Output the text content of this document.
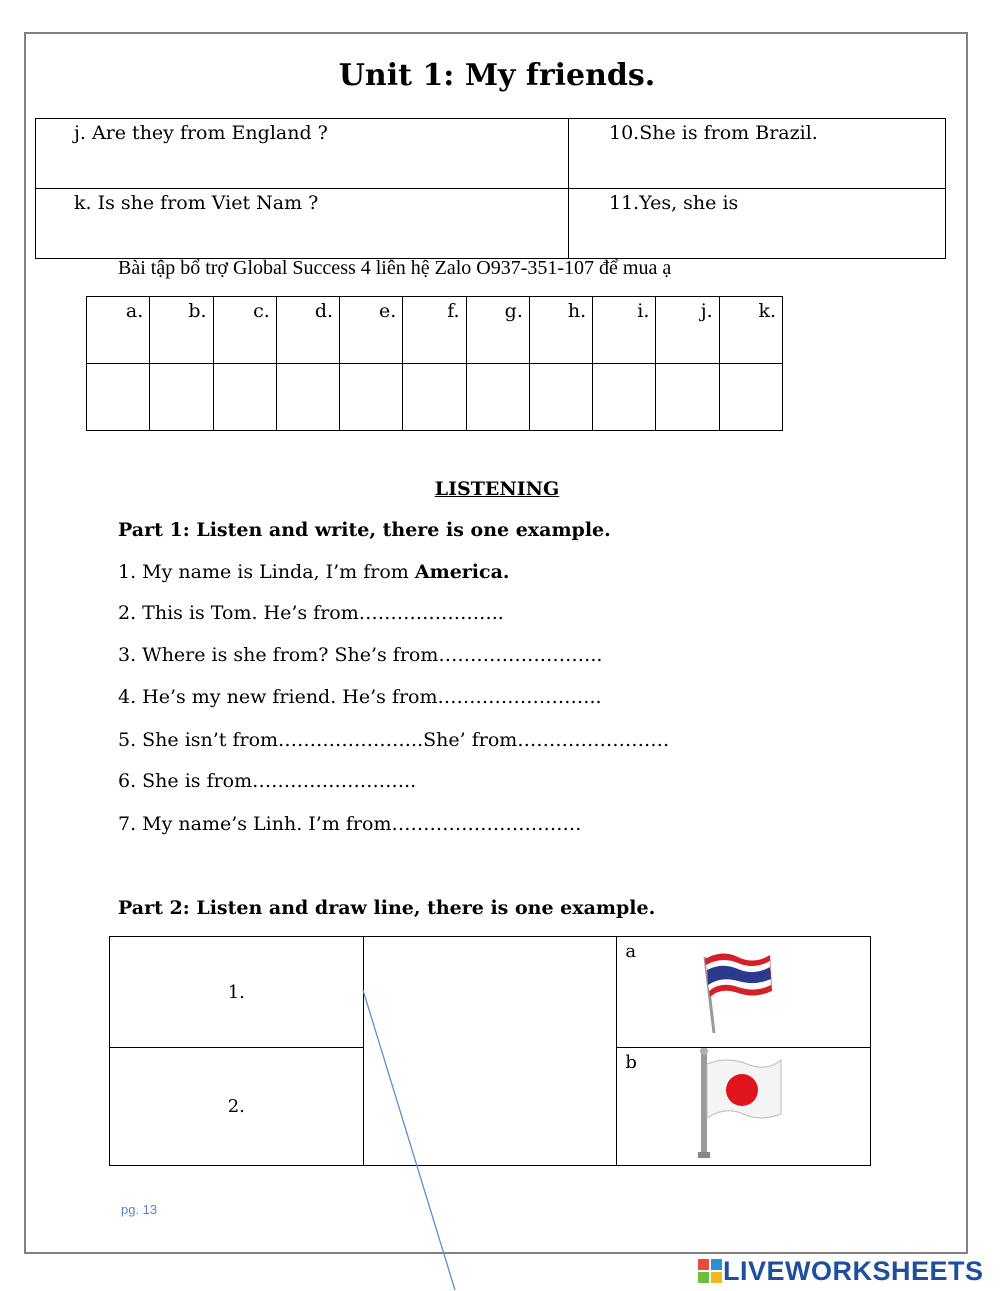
Unit 1: My friends.
j. Are they from England ?	10.She is from Brazil.
k. Is she from Viet Nam ?	11.Yes, she is
Bài tập bổ trợ Global Success 4 liên hệ Zalo O937-351-107 để mua ạ
a.	b.	c.	d.	e.	f.	g.	h.	i.	j.	k.

LISTENING
Part 1: Listen and write, there is one example.
1. My name is Linda, I’m from America.
2. This is Tom. He’s from…………………..
3. Where is she from? She’s from……………………..
4. He’s my new friend. He’s from……………………..
5. She isn’t from…………………..She’ from……………………
6. She is from……………………..
7. My name’s Linh. I’m from…………………………
Part 2: Listen and draw line, there is one example.
1.		a

2.		b
pg. 13
LIVEWORKSHEETS
